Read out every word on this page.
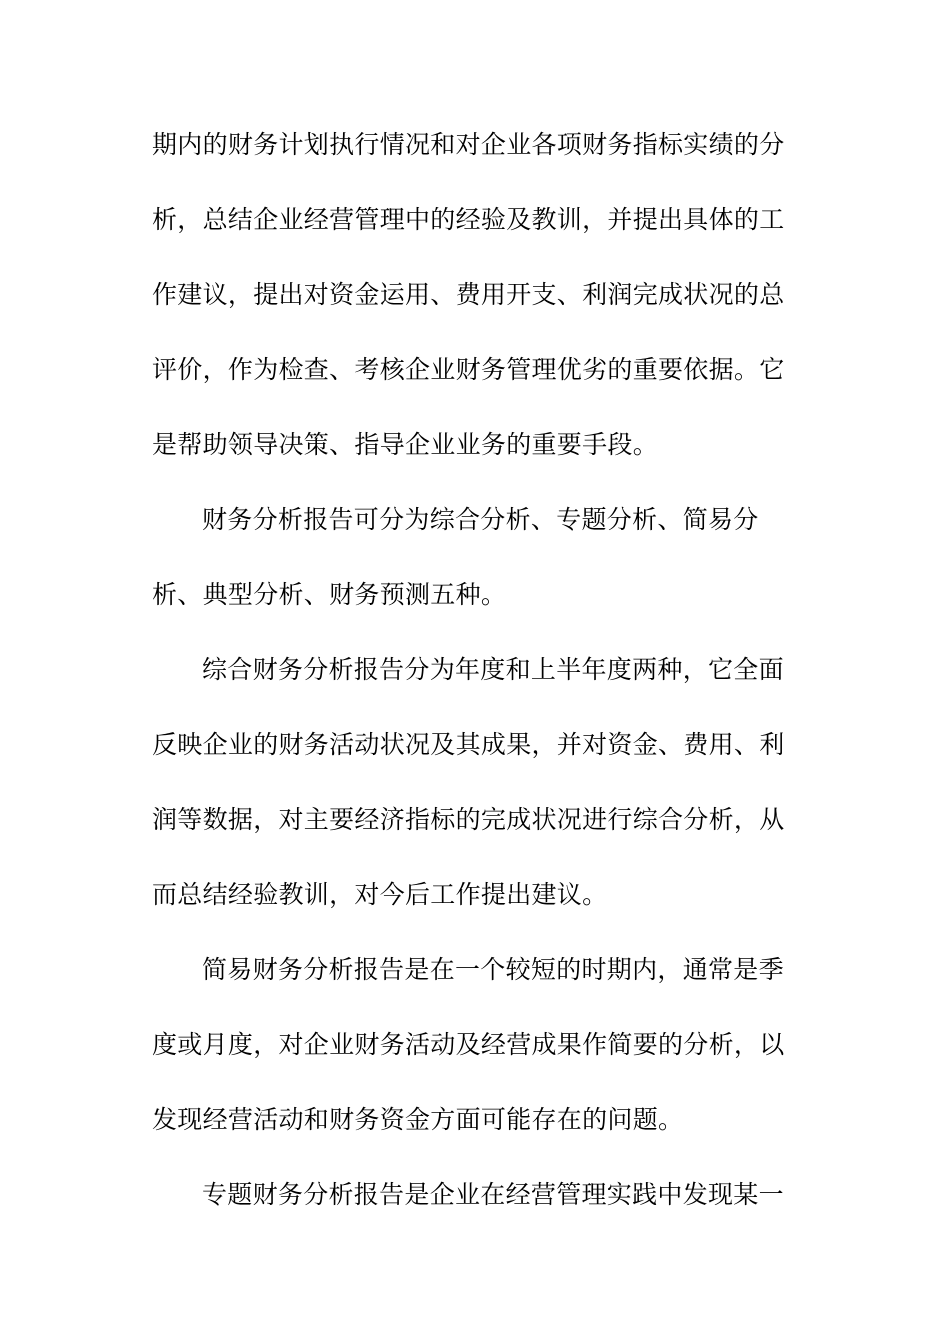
期内的财务计划执行情况和对企业各项财务指标实绩的分
析，总结企业经营管理中的经验及教训，并提出具体的工
作建议，提出对资金运用、费用开支、利润完成状况的总
评价，作为检查、考核企业财务管理优劣的重要依据。它
是帮助领导决策、指导企业业务的重要手段。
财务分析报告可分为综合分析、专题分析、简易分
析、典型分析、财务预测五种。
综合财务分析报告分为年度和上半年度两种，它全面
反映企业的财务活动状况及其成果，并对资金、费用、利
润等数据，对主要经济指标的完成状况进行综合分析，从
而总结经验教训，对今后工作提出建议。
简易财务分析报告是在一个较短的时期内，通常是季
度或月度，对企业财务活动及经营成果作简要的分析，以
发现经营活动和财务资金方面可能存在的问题。
专题财务分析报告是企业在经营管理实践中发现某一
